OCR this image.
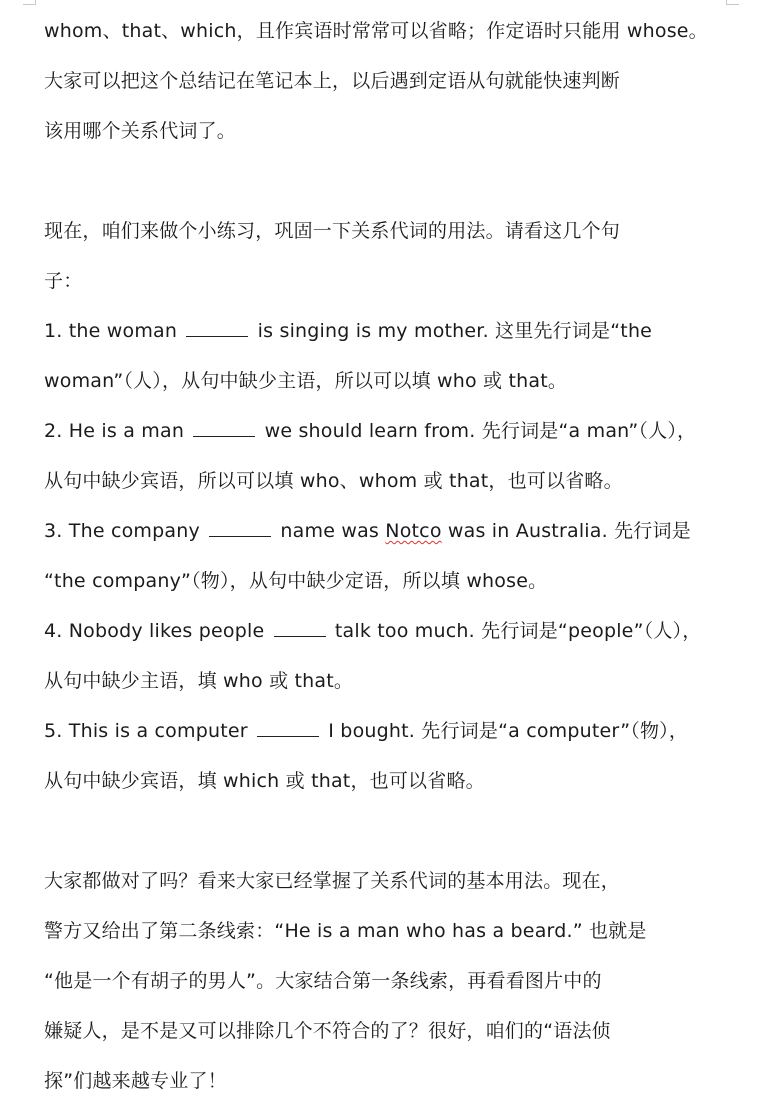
whom、that、which，且作宾语时常常可以省略；作定语时只能用 whose。
大家可以把这个总结记在笔记本上，以后遇到定语从句就能快速判断
该用哪个关系代词了。
现在，咱们来做个小练习，巩固一下关系代词的用法。请看这几个句
子：
1. the woman	is singing is my mother. 这里先行词是“the
woman”（人），从句中缺少主语，所以可以填 who 或 that。
2. He is a man	we should learn from. 先行词是“a man”（人），
从句中缺少宾语，所以可以填 who、whom 或 that，也可以省略。
3. The company	name was Notco was in Australia. 先行词是
“the company”（物），从句中缺少定语，所以填 whose。
4. Nobody likes people	talk too much. 先行词是“people”（人），
从句中缺少主语，填 who 或 that。
5. This is a computer	I bought. 先行词是“a computer”（物），
从句中缺少宾语，填 which 或 that，也可以省略。
大家都做对了吗？看来大家已经掌握了关系代词的基本用法。现在，
警方又给出了第二条线索：“He is a man who has a beard.” 也就是
“他是一个有胡子的男人”。大家结合第一条线索，再看看图片中的
嫌疑人，是不是又可以排除几个不符合的了？很好，咱们的“语法侦
探”们越来越专业了！
